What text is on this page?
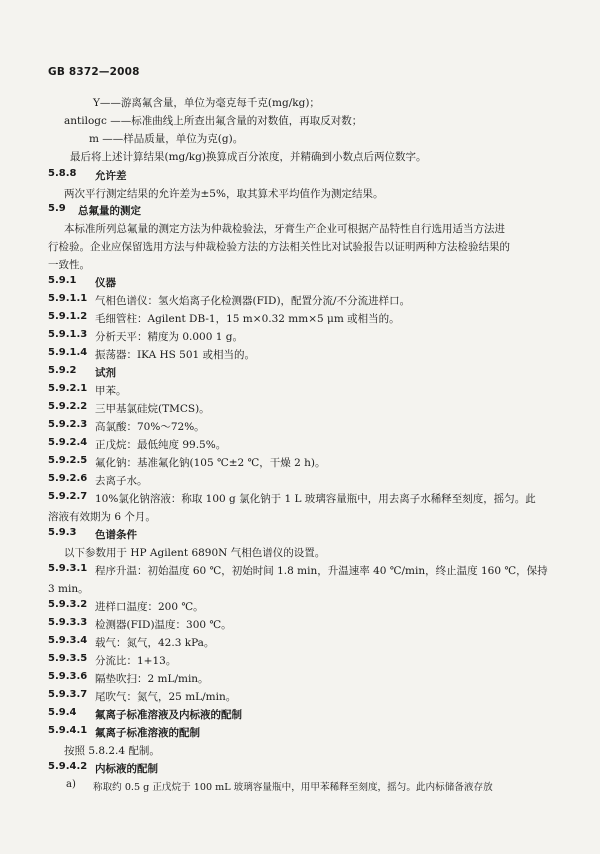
GB 8372—2008
Y——游离氟含量，单位为毫克每千克(mg/kg)；
antilogc ——标准曲线上所查出氟含量的对数值，再取反对数；
m ——样品质量，单位为克(g)。
最后将上述计算结果(mg/kg)换算成百分浓度，并精确到小数点后两位数字。
5.8.8 允许差
两次平行测定结果的允许差为±5%，取其算术平均值作为测定结果。
5.9 总氟量的测定
本标准所列总氟量的测定方法为仲裁检验法，牙膏生产企业可根据产品特性自行选用适当方法进
行检验。企业应保留选用方法与仲裁检验方法的方法相关性比对试验报告以证明两种方法检验结果的
一致性。
5.9.1 仪器
5.9.1.1 气相色谱仪：氢火焰离子化检测器(FID)，配置分流/不分流进样口。
5.9.1.2 毛细管柱：Agilent DB-1，15 m×0.32 mm×5 μm 或相当的。
5.9.1.3 分析天平：精度为 0.000 1 g。
5.9.1.4 振荡器：IKA HS 501 或相当的。
5.9.2 试剂
5.9.2.1 甲苯。
5.9.2.2 三甲基氯硅烷(TMCS)。
5.9.2.3 高氯酸：70%～72%。
5.9.2.4 正戊烷：最低纯度 99.5%。
5.9.2.5 氟化钠：基准氟化钠(105 ℃±2 ℃，干燥 2 h)。
5.9.2.6 去离子水。
5.9.2.7 10%氯化钠溶液：称取 100 g 氯化钠于 1 L 玻璃容量瓶中，用去离子水稀释至刻度，摇匀。此
溶液有效期为 6 个月。
5.9.3 色谱条件
以下参数用于 HP Agilent 6890N 气相色谱仪的设置。
5.9.3.1 程序升温：初始温度 60 ℃，初始时间 1.8 min，升温速率 40 ℃/min，终止温度 160 ℃，保持
3 min。
5.9.3.2 进样口温度：200 ℃。
5.9.3.3 检测器(FID)温度：300 ℃。
5.9.3.4 载气：氮气，42.3 kPa。
5.9.3.5 分流比：1+13。
5.9.3.6 隔垫吹扫：2 mL/min。
5.9.3.7 尾吹气：氮气，25 mL/min。
5.9.4 氟离子标准溶液及内标液的配制
5.9.4.1 氟离子标准溶液的配制
按照 5.8.2.4 配制。
5.9.4.2 内标液的配制
a) 称取约 0.5 g 正戊烷于 100 mL 玻璃容量瓶中，用甲苯稀释至刻度，摇匀。此内标储备液存放
